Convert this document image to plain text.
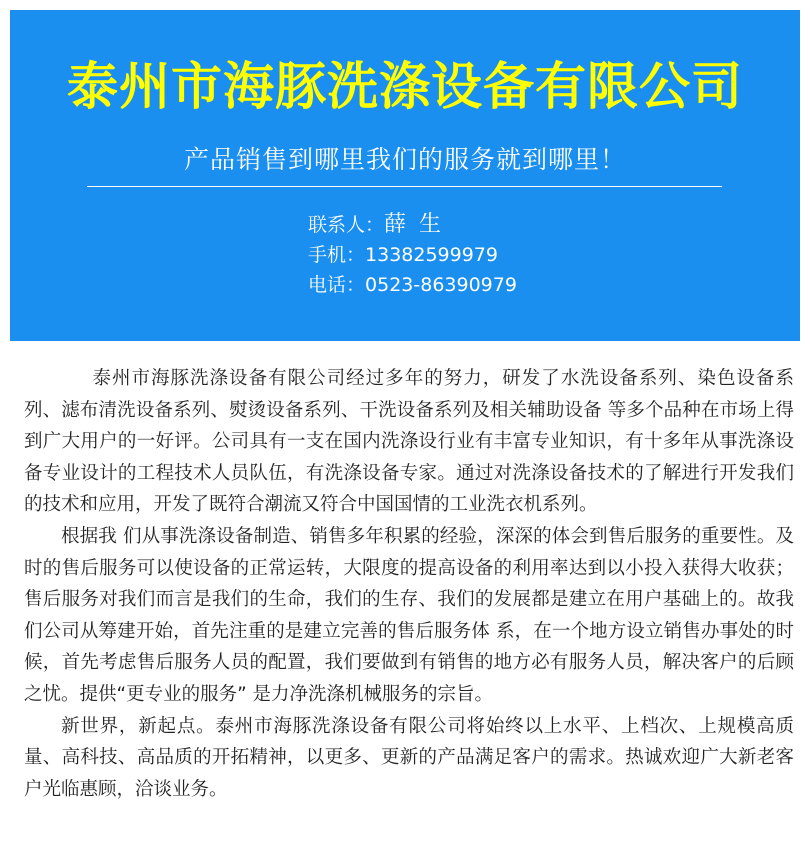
泰州市海豚洗涤设备有限公司
产品销售到哪里我们的服务就到哪里！
联系人：薛 生
手机：13382599979
电话：0523-86390979

泰州市海豚洗涤设备有限公司经过多年的努力，研发了水洗设备系列、染色设备系列、滤布清洗设备系列、熨烫设备系列、干洗设备系列及相关辅助设备 等多个品种在市场上得到广大用户的一好评。公司具有一支在国内洗涤设行业有丰富专业知识，有十多年从事洗涤设备专业设计的工程技术人员队伍，有洗涤设备专家。通过对洗涤设备技术的了解进行开发我们的技术和应用，开发了既符合潮流又符合中国国情的工业洗衣机系列。

根据我 们从事洗涤设备制造、销售多年积累的经验，深深的体会到售后服务的重要性。及时的售后服务可以使设备的正常运转，大限度的提高设备的利用率达到以小投入获得大收获；售后服务对我们而言是我们的生命，我们的生存、我们的发展都是建立在用户基础上的。故我们公司从筹建开始，首先注重的是建立完善的售后服务体 系，在一个地方设立销售办事处的时候，首先考虑售后服务人员的配置，我们要做到有销售的地方必有服务人员，解决客户的后顾之忧。提供“更专业的服务” 是力净洗涤机械服务的宗旨。

新世界，新起点。泰州市海豚洗涤设备有限公司将始终以上水平、上档次、上规模高质量、高科技、高品质的开拓精神，以更多、更新的产品满足客户的需求。热诚欢迎广大新老客户光临惠顾，洽谈业务。
